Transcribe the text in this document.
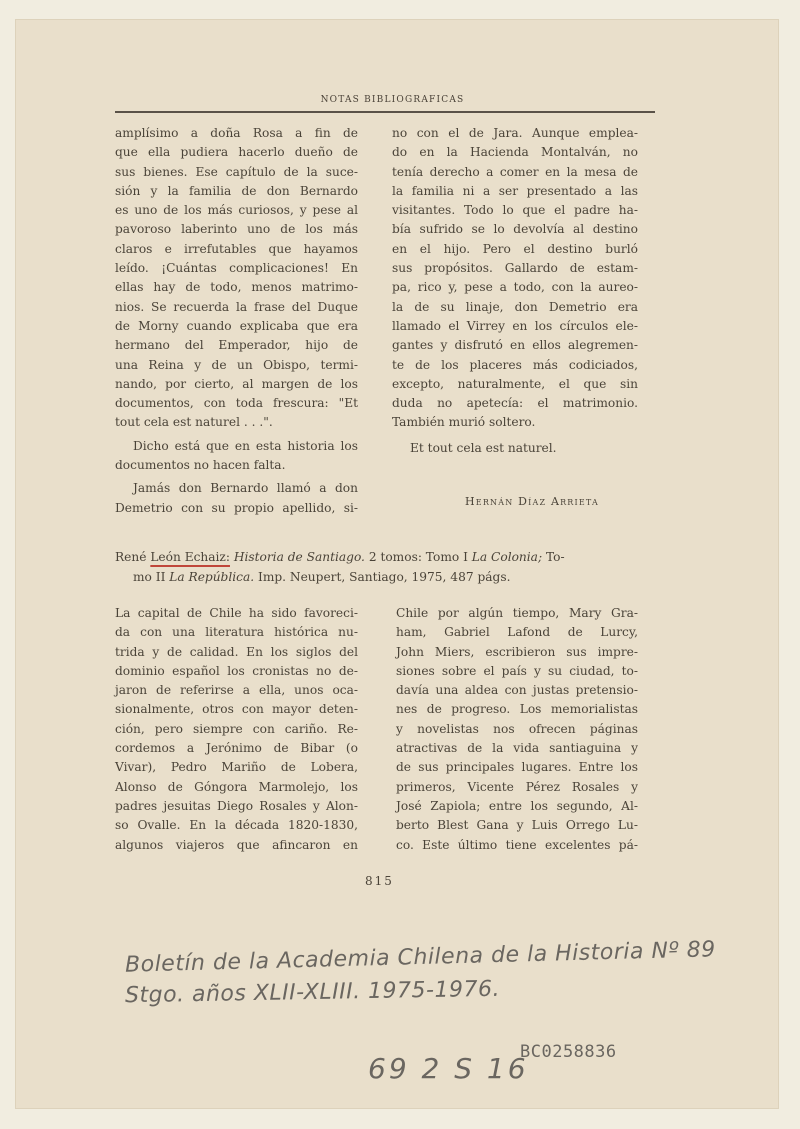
NOTAS BIBLIOGRAFICAS
amplísimo a doña Rosa a fin de
que ella pudiera hacerlo dueño de
sus bienes. Ese capítulo de la suce-
sión y la familia de don Bernardo
es uno de los más curiosos, y pese al
pavoroso laberinto uno de los más
claros e irrefutables que hayamos
leído. ¡Cuántas complicaciones! En
ellas hay de todo, menos matrimo-
nios. Se recuerda la frase del Duque
de Morny cuando explicaba que era
hermano del Emperador, hijo de
una Reina y de un Obispo, termi-
nando, por cierto, al margen de los
documentos, con toda frescura: "Et
tout cela est naturel . . .".
Dicho está que en esta historia los
documentos no hacen falta.
Jamás don Bernardo llamó a don
Demetrio con su propio apellido, si-
no con el de Jara. Aunque emplea-
do en la Hacienda Montalván, no
tenía derecho a comer en la mesa de
la familia ni a ser presentado a las
visitantes. Todo lo que el padre ha-
bía sufrido se lo devolvía al destino
en el hijo. Pero el destino burló
sus propósitos. Gallardo de estam-
pa, rico y, pese a todo, con la aureo-
la de su linaje, don Demetrio era
llamado el Virrey en los círculos ele-
gantes y disfrutó en ellos alegremen-
te de los placeres más codiciados,
excepto, naturalmente, el que sin
duda no apetecía: el matrimonio.
También murió soltero.
Et tout cela est naturel.
Hernán Díaz Arrieta
René León Echaiz: Historia de Santiago. 2 tomos: Tomo I La Colonia; To-
mo II La República. Imp. Neupert, Santiago, 1975, 487 págs.
La capital de Chile ha sido favoreci-
da con una literatura histórica nu-
trida y de calidad. En los siglos del
dominio español los cronistas no de-
jaron de referirse a ella, unos oca-
sionalmente, otros con mayor deten-
ción, pero siempre con cariño. Re-
cordemos a Jerónimo de Bibar (o
Vivar), Pedro Mariño de Lobera,
Alonso de Góngora Marmolejo, los
padres jesuitas Diego Rosales y Alon-
so Ovalle. En la década 1820-1830,
algunos viajeros que afincaron en
Chile por algún tiempo, Mary Gra-
ham, Gabriel Lafond de Lurcy,
John Miers, escribieron sus impre-
siones sobre el país y su ciudad, to-
davía una aldea con justas pretensio-
nes de progreso. Los memorialistas
y novelistas nos ofrecen páginas
atractivas de la vida santiaguina y
de sus principales lugares. Entre los
primeros, Vicente Pérez Rosales y
José Zapiola; entre los segundo, Al-
berto Blest Gana y Luis Orrego Lu-
co. Este último tiene excelentes pá-
815
Boletín de la Academia Chilena de la Historia Nº 89
Stgo. años XLII-XLIII. 1975-1976.
69 2 S 16
BC0258836
